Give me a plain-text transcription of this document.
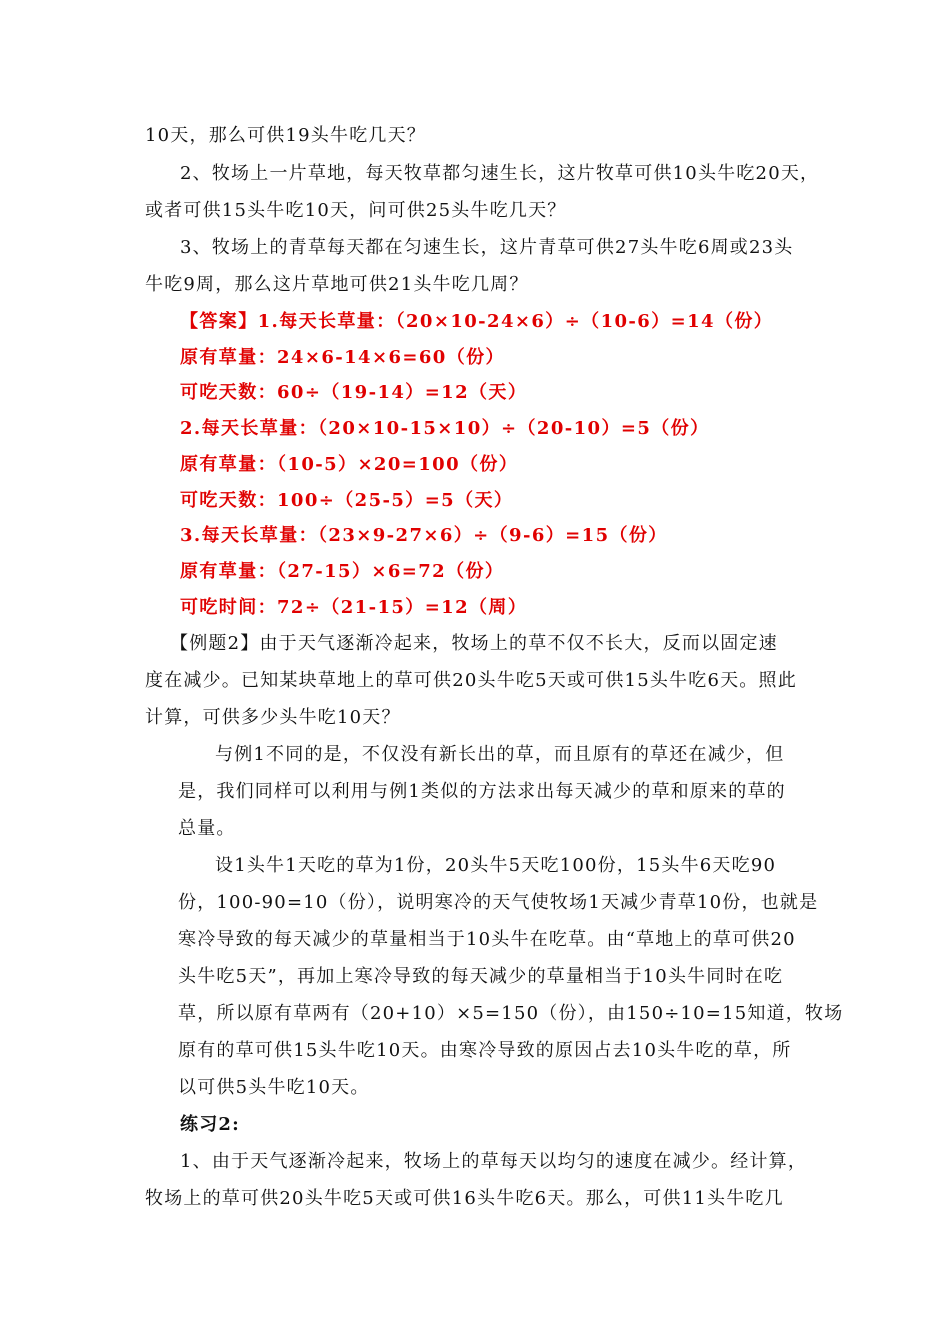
10天，那么可供19头牛吃几天？
2、牧场上一片草地，每天牧草都匀速生长，这片牧草可供10头牛吃20天，
或者可供15头牛吃10天，问可供25头牛吃几天？
3、牧场上的青草每天都在匀速生长，这片青草可供27头牛吃6周或23头
牛吃9周，那么这片草地可供21头牛吃几周？
【答案】1.每天长草量：（20×10-24×6）÷（10-6）=14（份）
原有草量：24×6-14×6=60（份）
可吃天数：60÷（19-14）=12（天）
2.每天长草量：（20×10-15×10）÷（20-10）=5（份）
原有草量：（10-5）×20=100（份）
可吃天数：100÷（25-5）=5（天）
3.每天长草量：（23×9-27×6）÷（9-6）=15（份）
原有草量：（27-15）×6=72（份）
可吃时间：72÷（21-15）=12（周）
【例题2】由于天气逐渐冷起来，牧场上的草不仅不长大，反而以固定速
度在减少。已知某块草地上的草可供20头牛吃5天或可供15头牛吃6天。照此
计算，可供多少头牛吃10天？
与例1不同的是，不仅没有新长出的草，而且原有的草还在减少，但
是，我们同样可以利用与例1类似的方法求出每天减少的草和原来的草的
总量。
设1头牛1天吃的草为1份，20头牛5天吃100份，15头牛6天吃90
份，100-90=10（份），说明寒冷的天气使牧场1天减少青草10份，也就是
寒冷导致的每天减少的草量相当于10头牛在吃草。由“草地上的草可供20
头牛吃5天”，再加上寒冷导致的每天减少的草量相当于10头牛同时在吃
草，所以原有草两有（20+10）×5=150（份），由150÷10=15知道，牧场
原有的草可供15头牛吃10天。由寒冷导致的原因占去10头牛吃的草，所
以可供5头牛吃10天。
练习2:
1、由于天气逐渐冷起来，牧场上的草每天以均匀的速度在减少。经计算，
牧场上的草可供20头牛吃5天或可供16头牛吃6天。那么，可供11头牛吃几
